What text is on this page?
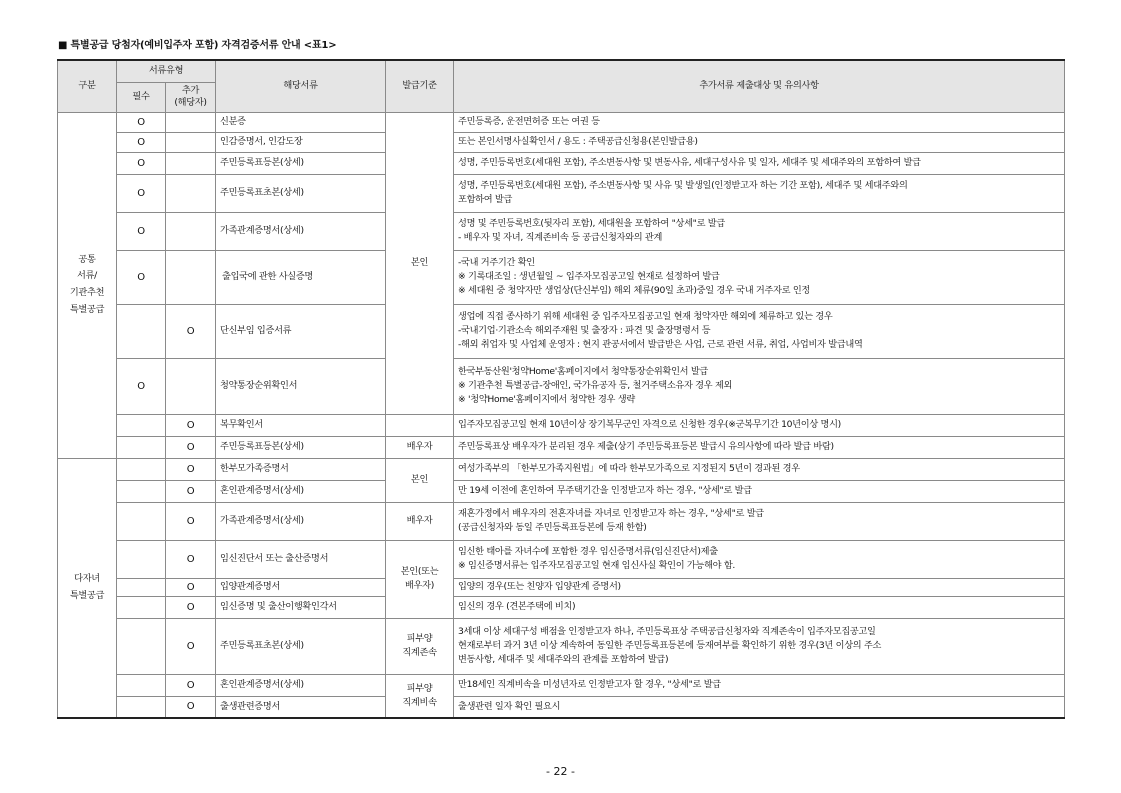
■ 특별공급 당첨자(예비입주자 포함) 자격검증서류 안내 <표1>
구분	서류유형		해당서류	발급기준	추가서류 제출대상 및 유의사항
	필수	추가
(해당자)			
공통
서류/
기관추천
특별공급	O		신분증	본인	주민등록증, 운전면허증 또는 여권 등
	O		인감증명서, 인감도장		또는 본인서명사실확인서 / 용도 : 주택공급신청용(본인발급용)
	O		주민등록표등본(상세)		성명, 주민등록번호(세대원 포함), 주소변동사항 및 변동사유, 세대구성사유 및 일자, 세대주 및 세대주와의 포함하여 발급
	O		주민등록표초본(상세)		성명, 주민등록번호(세대원 포함), 주소변동사항 및 사유 및 발생일(인정받고자 하는 기간 포함), 세대주 및 세대주와의
포함하여 발급
	O		가족관계증명서(상세)		성명 및 주민등록번호(뒷자리 포함), 세대원을 포함하여 "상세"로 발급
- 배우자 및 자녀, 직계존비속 등 공급신청자와의 관계
	O		출입국에 관한 사실증명		-국내 거주기간 확인
※ 기록대조일 : 생년월일 ~ 입주자모집공고일 현재로 설정하여 발급
※ 세대원 중 청약자만 생업상(단신부임) 해외 체류(90일 초과)중일 경우 국내 거주자로 인정
		O	단신부임 입증서류		생업에 직접 종사하기 위해 세대원 중 입주자모집공고일 현재 청약자만 해외에 체류하고 있는 경우
-국내기업·기관소속 해외주재원 및 출장자 : 파견 및 출장명령서 등
-해외 취업자 및 사업체 운영자 : 현지 관공서에서 발급받은 사업, 근로 관련 서류, 취업, 사업비자 발급내역
	O		청약통장순위확인서		한국부동산원'청약Home'홈페이지에서 청약통장순위확인서 발급
※ 기관추천 특별공급-장애인, 국가유공자 등, 철거주택소유자 경우 제외
※ '청약Home'홈페이지에서 청약한 경우 생략
		O	복무확인서		입주자모집공고일 현재 10년이상 장기복무군인 자격으로 신청한 경우(※군복무기간 10년이상 명시)
		O	주민등록표등본(상세)	배우자	주민등록표상 배우자가 분리된 경우 제출(상기 주민등록표등본 발급시 유의사항에 따라 발급 바람)
다자녀
특별공급		O	한부모가족증명서	본인	여성가족부의 「한부모가족지원법」에 따라 한부모가족으로 지정된지 5년이 경과된 경우
		O	혼인관계증명서(상세)		만 19세 이전에 혼인하여 무주택기간을 인정받고자 하는 경우, "상세"로 발급
		O	가족관계증명서(상세)	배우자	재혼가정에서 배우자의 전혼자녀를 자녀로 인정받고자 하는 경우, "상세"로 발급
(공급신청자와 동일 주민등록표등본에 등재 한함)
		O	임신진단서 또는 출산증명서	본인(또는
배우자)	임신한 태아를 자녀수에 포함한 경우 임신증명서류(임신진단서)제출
※ 임신증명서류는 입주자모집공고일 현재 임신사실 확인이 가능해야 함.
		O	입양관계증명서		입양의 경우(또는 친양자 입양관계 증명서)
		O	임신증명 및 출산이행확인각서		임신의 경우 (견본주택에 비치)
		O	주민등록표초본(상세)	피부양
직계존속	3세대 이상 세대구성 배점을 인정받고자 하나, 주민등록표상 주택공급신청자와 직계존속이 입주자모집공고일
현재로부터 과거 3년 이상 계속하여 동일한 주민등록표등본에 등재여부를 확인하기 위한 경우(3년 이상의 주소
변동사항, 세대주 및 세대주와의 관계를 포함하여 발급)
		O	혼인관계증명서(상세)	피부양
직계비속	만18세인 직계비속을 미성년자로 인정받고자 할 경우, "상세"로 발급
		O	출생관련증명서		출생관련 일자 확인 필요시
- 22 -
